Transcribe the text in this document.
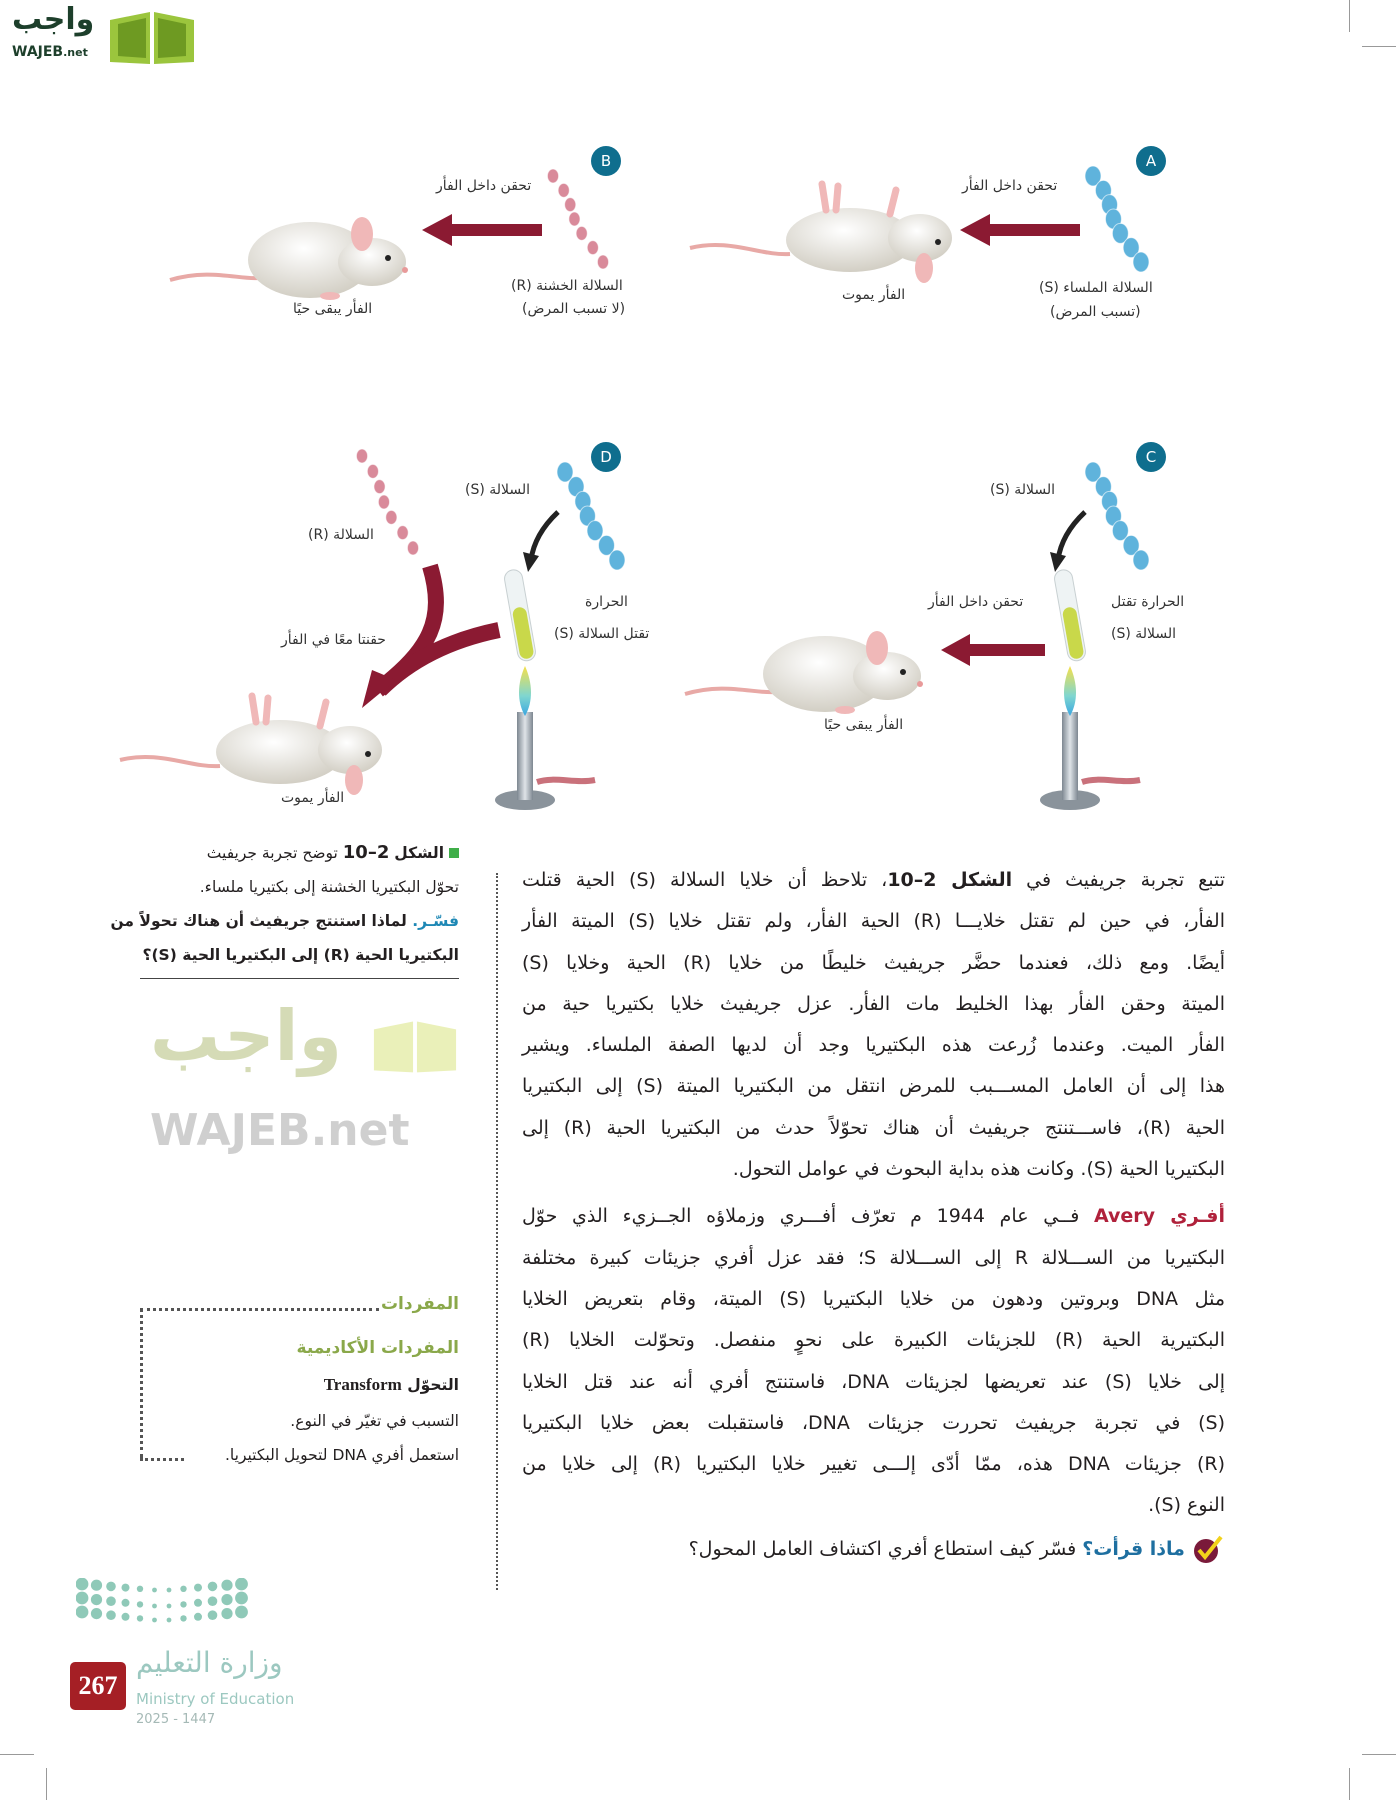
واجب
WAJEB.net
واجب
WAJEB.net
A
تحقن داخل الفأر
السلالة الملساء (S)
(تسبب المرض)
الفأر يموت
B
تحقن داخل الفأر
السلالة الخشنة (R)
(لا تسبب المرض)
الفأر يبقى حيًا
C
السلالة (S)
الحرارة تقتل
السلالة (S)
تحقن داخل الفأر
الفأر يبقى حيًا
D
السلالة (S)
السلالة (R)
الحرارة
تقتل السلالة (S)
حقنتا معًا في الفأر
الفأر يموت
الشكل 2–10 توضح تجربة جريفيث
تحوّل البكتيريا الخشنة إلى بكتيريا ملساء.
فسّـر. لماذا استنتج جريفيث أن هناك تحولاً من
البكتيريا الحية (R) إلى البكتيريا الحية (S)؟
تتبع تجربة جريفيث في الشكل 2–10، تلاحظ أن خلايا السلالة (S) الحية قتلت
الفأر، في حين لم تقتل خلايـــا (R) الحية الفأر، ولم تقتل خلايا (S) الميتة الفأر
أيضًا. ومع ذلك، فعندما حضَّر جريفيث خليطًا من خلايا (R) الحية وخلايا (S)
الميتة وحقن الفأر بهذا الخليط مات الفأر. عزل جريفيث خلايا بكتيريا حية من
الفأر الميت. وعندما زُرعت هذه البكتيريا وجد أن لديها الصفة الملساء. ويشير
هذا إلى أن العامل المســـبب للمرض انتقل من البكتيريا الميتة (S) إلى البكتيريا
الحية (R)، فاســـتنتج جريفيث أن هناك تحوّلاً حدث من البكتيريا الحية (R) إلى
البكتيريا الحية (S). وكانت هذه بداية البحوث في عوامل التحول.
أفـري Avery فــي عام 1944 م تعرّف أفـــري وزملاؤه الجــزيء الذي حوّل
البكتيريا من الســـلالة R إلى الســـلالة S؛ فقد عزل أفري جزيئات كبيرة مختلفة
مثل DNA وبروتين ودهون من خلايا البكتيريا (S) الميتة، وقام بتعريض الخلايا
البكتيرية الحية (R) للجزيئات الكبيرة على نحوٍ منفصل. وتحوّلت الخلايا (R)
إلى خلايا (S) عند تعريضها لجزيئات DNA، فاستنتج أفري أنه عند قتل الخلايا
(S) في تجربة جريفيث تحررت جزيئات DNA، فاستقبلت بعض خلايا البكتيريا
(R) جزيئات DNA هذه، ممّا أدّى إلـــى تغيير خلايا البكتيريا (R) إلى خلايا من
النوع (S).
ماذا قرأت؟ فسّر كيف استطاع أفري اكتشاف العامل المحول؟
المفردات
المفردات الأكاديمية
التحوّل Transform
التسبب في تغيّر في النوع.
استعمل أفري DNA لتحويل البكتيريا.
267
وزارة التعليم
Ministry of Education
2025 - 1447
